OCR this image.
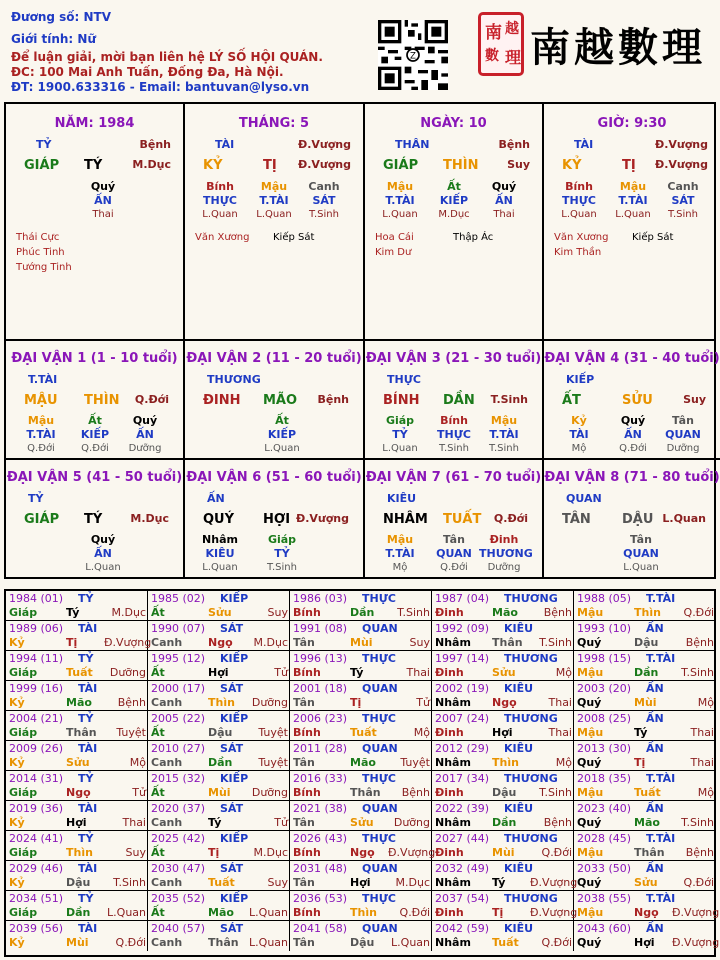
Đương số: NTV
Giới tính: Nữ
Để luận giải, mời bạn liên hệ LÝ SỐ HỘI QUÁN.
ĐC: 100 Mai Anh Tuấn, Đống Đa, Hà Nội.
ĐT: 1900.633316 - Email: bantuvan@lyso.vn
Z
南 越
數 理 南越數理
NĂM: 1984
TỶ	Bệnh
GIÁP TÝ	M.Dục
Quý
ẤN
Thai
Thái Cực
Phúc Tinh
Tướng Tinh
THÁNG: 5
TÀI	Đ.Vượng
KỶ	TỊ Đ.Vượng
Bính
THỰC
L.Quan
Mậu
T.TÀI
L.Quan
Canh
SÁT
T.Sinh
Văn Xương Kiếp Sát
NGÀY: 10
THÂN	Bệnh
GIÁP THÌN	Suy
Mậu
T.TÀI
L.Quan
Ất
KIẾP
M.Dục
Quý
ẤN
Thai
Hoa Cái	Thập Ác
Kim Dư
GIỜ: 9:30
TÀI	Đ.Vượng
KỶ	TỊ Đ.Vượng
Bính
THỰC
L.Quan
Mậu
T.TÀI
L.Quan
Canh
SÁT
T.Sinh
Văn Xương Kiếp Sát
Kim Thần
ĐẠI VẬN 1 (1 - 10 tuổi)
T.TÀI
MẬU THÌN Q.Đới
Mậu
T.TÀI
Q.Đới
Ất
KIẾP
Q.Đới
Quý
ẤN
Dưỡng
ĐẠI VẬN 2 (11 - 20 tuổi)
THƯƠNG
ĐINH MÃO Bệnh
Ất
KIẾP
L.Quan
ĐẠI VẬN 3 (21 - 30 tuổi)
THỰC
BÍNH DẦN T.Sinh
Giáp
TỶ
L.Quan
Bính
THỰC
T.Sinh
Mậu
T.TÀI
T.Sinh
ĐẠI VẬN 4 (31 - 40 tuổi)
KIẾP
ẤT	SỬU	Suy
Kỷ
TÀI
Mộ
Quý
ẤN
Q.Đới
Tân
QUAN
Dưỡng
ĐẠI VẬN 5 (41 - 50 tuổi)
TỶ
GIÁP TÝ	M.Dục
Quý
ẤN
L.Quan
ĐẠI VẬN 6 (51 - 60 tuổi)
ẤN
QUÝ HỢI Đ.Vượng
Nhâm
KIÊU
L.Quan
Giáp
TỶ
T.Sinh
ĐẠI VẬN 7 (61 - 70 tuổi)
KIÊU
NHÂM TUẤT Q.Đới
Mậu
T.TÀI
Mộ
Tân
QUAN
Q.Đới
Đinh
THƯƠNG
Dưỡng
ĐẠI VẬN 8 (71 - 80 tuổi)
QUAN
TÂN DẬU L.Quan
Tân
QUAN
L.Quan
1984 (01) TỶ
Giáp	Tý	M.Dục
1985 (02) KIẾP
Ất	Sửu	Suy
1986 (03) THỰC
Bính	Dần	T.Sinh
1987 (04) THƯƠNG
Đinh	Mão	Bệnh
1988 (05) T.TÀI
Mậu	Thìn	Q.Đới
1989 (06) TÀI
Kỷ	Tị Đ.Vượng
1990 (07) SÁT
Canh Ngọ	M.Dục
1991 (08) QUAN
Tân	Mùi	Suy
1992 (09) KIÊU
Nhâm Thân	T.Sinh
1993 (10) ẤN
Quý	Dậu	Bệnh
1994 (11) TỶ
Giáp	Tuất	Dưỡng
1995 (12) KIẾP
Ất	Hợi	Tử
1996 (13) THỰC
Bính	Tý	Thai
1997 (14) THƯƠNG
Đinh	Sửu	Mộ
1998 (15) T.TÀI
Mậu	Dần	T.Sinh
1999 (16) TÀI
Kỷ	Mão	Bệnh
2000 (17) SÁT
Canh Thìn	Dưỡng
2001 (18) QUAN
Tân	Tị	Tử
2002 (19) KIÊU
Nhâm Ngọ	Thai
2003 (20) ẤN
Quý	Mùi	Mộ
2004 (21) TỶ
Giáp	Thân	Tuyệt
2005 (22) KIẾP
Ất	Dậu	Tuyệt
2006 (23) THỰC
Bính	Tuất	Mộ
2007 (24) THƯƠNG
Đinh	Hợi	Thai
2008 (25) ẤN
Mậu	Tý	Thai
2009 (26) TÀI
Kỷ	Sửu	Mộ
2010 (27) SÁT
Canh Dần	Tuyệt
2011 (28) QUAN
Tân	Mão	Tuyệt
2012 (29) KIÊU
Nhâm Thìn	Mộ
2013 (30) ẤN
Quý	Tị	Thai
2014 (31) TỶ
Giáp	Ngọ	Tử
2015 (32) KIẾP
Ất	Mùi	Dưỡng
2016 (33) THỰC
Bính	Thân	Bệnh
2017 (34) THƯƠNG
Đinh	Dậu	T.Sinh
2018 (35) T.TÀI
Mậu	Tuất	Mộ
2019 (36) TÀI
Kỷ	Hợi	Thai
2020 (37) SÁT
Canh Tý	Tử
2021 (38) QUAN
Tân	Sửu	Dưỡng
2022 (39) KIÊU
Nhâm Dần	Bệnh
2023 (40) ẤN
Quý	Mão	T.Sinh
2024 (41) TỶ
Giáp	Thìn	Suy
2025 (42) KIẾP
Ất	Tị	M.Dục
2026 (43) THỰC
Bính	Ngọ Đ.Vượng
2027 (44) THƯƠNG
Đinh	Mùi	Q.Đới
2028 (45) T.TÀI
Mậu	Thân	Bệnh
2029 (46) TÀI
Kỷ	Dậu	T.Sinh
2030 (47) SÁT
Canh Tuất	Suy
2031 (48) QUAN
Tân	Hợi	M.Dục
2032 (49) KIÊU
Nhâm Tý Đ.Vượng
2033 (50) ẤN
Quý	Sửu	Q.Đới
2034 (51) TỶ
Giáp	Dần L.Quan
2035 (52) KIẾP
Ất	Mão L.Quan
2036 (53) THỰC
Bính	Thìn	Q.Đới
2037 (54) THƯƠNG
Đinh	Tị Đ.Vượng
2038 (55) T.TÀI
Mậu	Ngọ Đ.Vượng
2039 (56) TÀI
Kỷ	Mùi	Q.Đới
2040 (57) SÁT
Canh Thân L.Quan
2041 (58) QUAN
Tân	Dậu L.Quan
2042 (59) KIÊU
Nhâm Tuất	Q.Đới
2043 (60) ẤN
Quý	Hợi Đ.Vượng
